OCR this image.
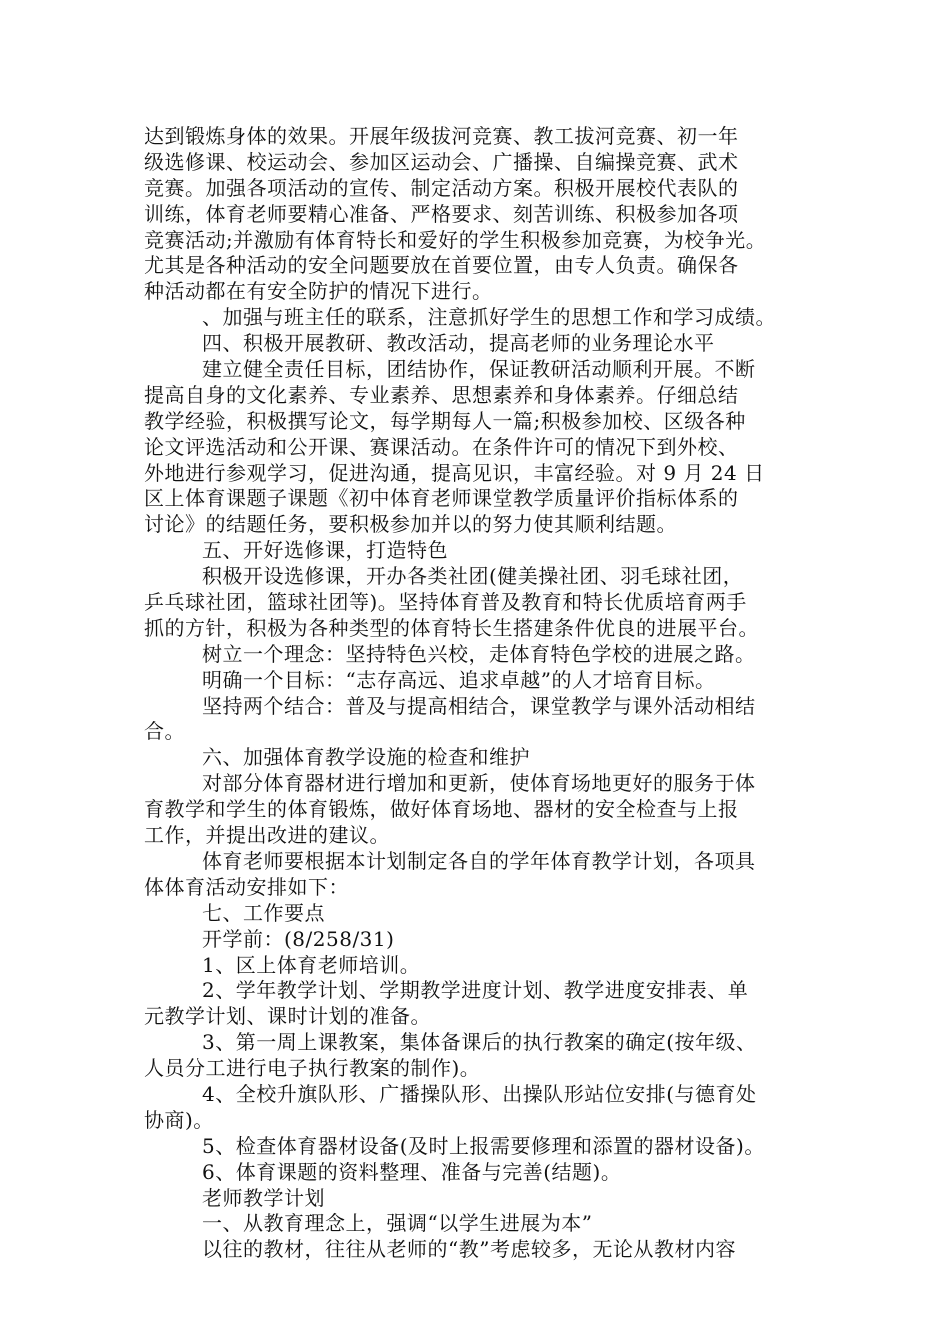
达到锻炼身体的效果。开展年级拔河竞赛、教工拔河竞赛、初一年
级选修课、校运动会、参加区运动会、广播操、自编操竞赛、武术
竞赛。加强各项活动的宣传、制定活动方案。积极开展校代表队的
训练，体育老师要精心准备、严格要求、刻苦训练、积极参加各项
竞赛活动;并激励有体育特长和爱好的学生积极参加竞赛，为校争光。
尤其是各种活动的安全问题要放在首要位置，由专人负责。确保各
种活动都在有安全防护的情况下进行。
、加强与班主任的联系，注意抓好学生的思想工作和学习成绩。
四、积极开展教研、教改活动，提高老师的业务理论水平
建立健全责任目标，团结协作，保证教研活动顺利开展。不断
提高自身的文化素养、专业素养、思想素养和身体素养。仔细总结
教学经验，积极撰写论文，每学期每人一篇;积极参加校、区级各种
论文评选活动和公开课、赛课活动。在条件许可的情况下到外校、
外地进行参观学习，促进沟通，提高见识，丰富经验。对 9 月 24 日
区上体育课题子课题《初中体育老师课堂教学质量评价指标体系的
讨论》的结题任务，要积极参加并以的努力使其顺利结题。
五、开好选修课，打造特色
积极开设选修课，开办各类社团(健美操社团、羽毛球社团，
乒乓球社团，篮球社团等)。坚持体育普及教育和特长优质培育两手
抓的方针，积极为各种类型的体育特长生搭建条件优良的进展平台。
树立一个理念：坚持特色兴校，走体育特色学校的进展之路。
明确一个目标：“志存高远、追求卓越”的人才培育目标。
坚持两个结合：普及与提高相结合，课堂教学与课外活动相结
合。
六、加强体育教学设施的检查和维护
对部分体育器材进行增加和更新，使体育场地更好的服务于体
育教学和学生的体育锻炼，做好体育场地、器材的安全检查与上报
工作，并提出改进的建议。
体育老师要根据本计划制定各自的学年体育教学计划，各项具
体体育活动安排如下：
七、工作要点
开学前：(8/258/31)
1、区上体育老师培训。
2、学年教学计划、学期教学进度计划、教学进度安排表、单
元教学计划、课时计划的准备。
3、第一周上课教案，集体备课后的执行教案的确定(按年级、
人员分工进行电子执行教案的制作)。
4、全校升旗队形、广播操队形、出操队形站位安排(与德育处
协商)。
5、检查体育器材设备(及时上报需要修理和添置的器材设备)。
6、体育课题的资料整理、准备与完善(结题)。
老师教学计划
一、从教育理念上，强调“以学生进展为本”
以往的教材，往往从老师的“教”考虑较多，无论从教材内容
